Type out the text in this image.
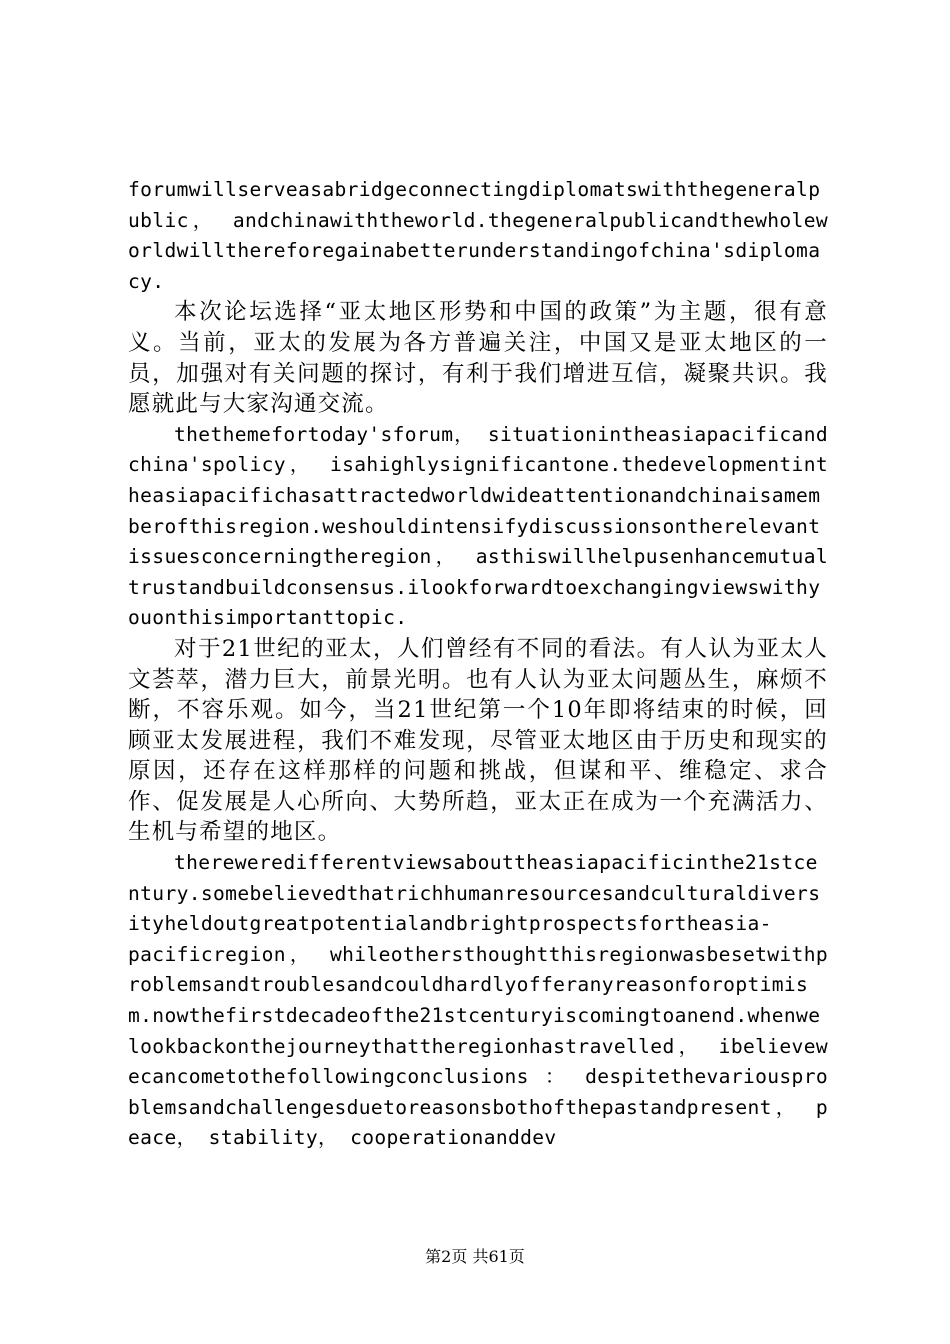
forumwillserveasabridgeconnectingdiplomatswiththegeneralpublic， andchinawiththeworld.thegeneralpublicandthewholeworldwillthereforegainabetterunderstandingofchina'sdiplomacy.

本次论坛选择“亚太地区形势和中国的政策”为主题，很有意义。当前，亚太的发展为各方普遍关注，中国又是亚太地区的一员，加强对有关问题的探讨，有利于我们增进互信，凝聚共识。我愿就此与大家沟通交流。

thethemefortoday'sforum， situationintheasiapacificandchina'spolicy， isahighlysignificantone.thedevelopmentintheasiapacifichasattractedworldwideattentionandchinaisamemberofthisregion.weshouldintensifydiscussionsontherelevantissuesconcerningtheregion， asthiswillhelpusenhancemutualtrustandbuildconsensus.ilookforwardtoexchangingviewswithyouonthisimportanttopic.

对于21世纪的亚太，人们曾经有不同的看法。有人认为亚太人文荟萃，潜力巨大，前景光明。也有人认为亚太问题丛生，麻烦不断，不容乐观。如今，当21世纪第一个10年即将结束的时候，回顾亚太发展进程，我们不难发现，尽管亚太地区由于历史和现实的原因，还存在这样那样的问题和挑战，但谋和平、维稳定、求合作、促发展是人心所向、大势所趋，亚太正在成为一个充满活力、生机与希望的地区。

thereweredifferentviewsabouttheasiapacificinthe21stcentury.somebelievedthatrichhumanresourcesandculturaldiversityheldoutgreatpotentialandbrightprospectsfortheasia-
pacificregion， whileothersthoughtthisregionwasbesetwithproblemsandtroublesandcouldhardlyofferanyreasonforoptimism.nowthefirstdecadeofthe21stcenturyiscomingtoanend.whenwelookbackonthejourneythattheregionhastravelled， ibelievewecancometothefollowingconclusions ： despitethevariousproblemsandchallengesduetoreasonsbothofthepastandpresent， peace， stability， cooperationanddev

第2页 共61页
